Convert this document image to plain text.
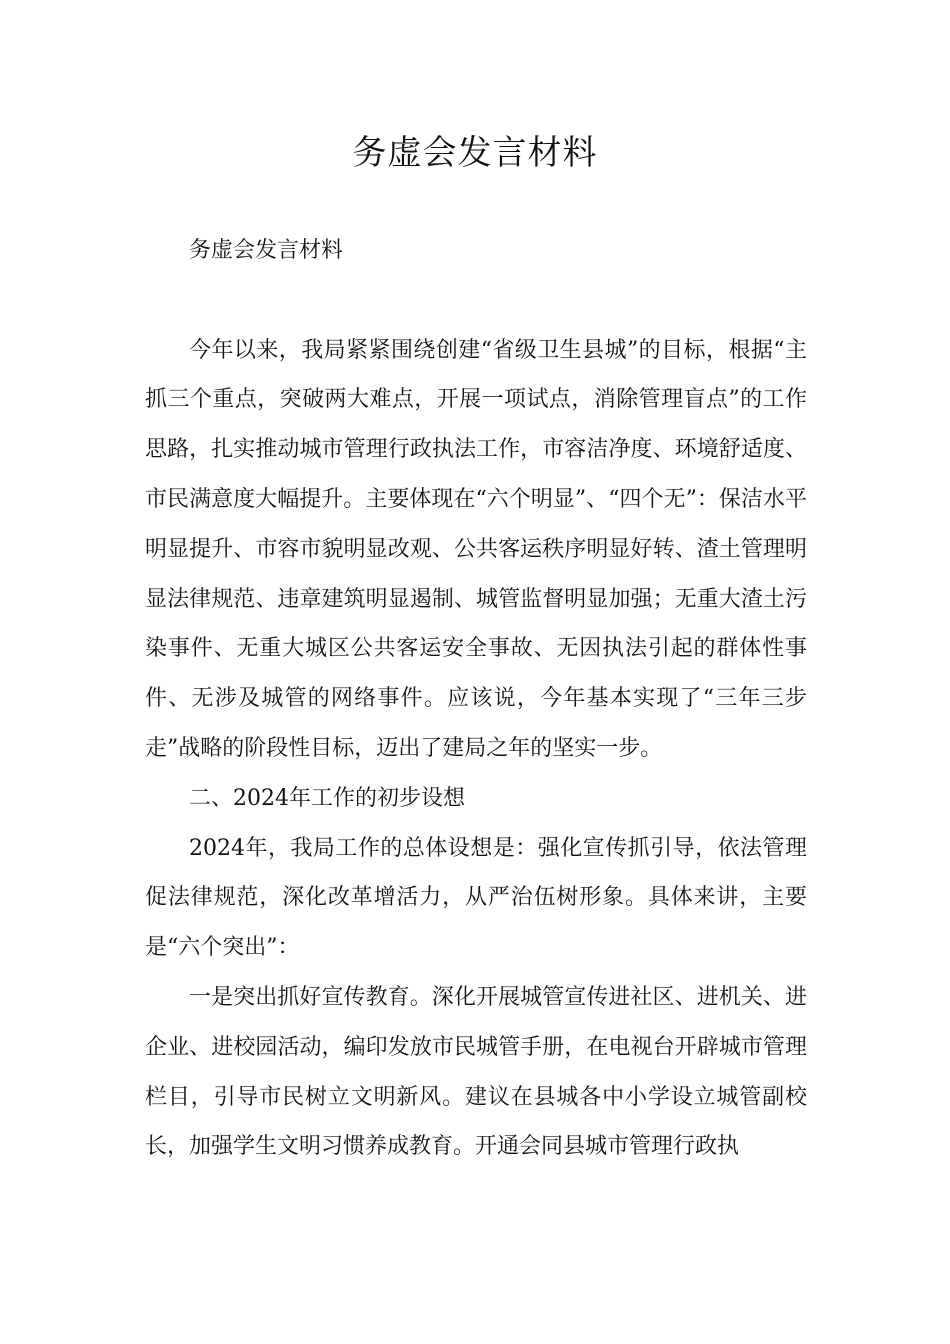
务虚会发言材料

务虚会发言材料

今年以来，我局紧紧围绕创建“省级卫生县城”的目标，根据“主抓三个重点，突破两大难点，开展一项试点，消除管理盲点”的工作思路，扎实推动城市管理行政执法工作，市容洁净度、环境舒适度、市民满意度大幅提升。主要体现在“六个明显”、“四个无”：保洁水平明显提升、市容市貌明显改观、公共客运秩序明显好转、渣土管理明显法律规范、违章建筑明显遏制、城管监督明显加强；无重大渣土污染事件、无重大城区公共客运安全事故、无因执法引起的群体性事件、无涉及城管的网络事件。应该说，今年基本实现了“三年三步走”战略的阶段性目标，迈出了建局之年的坚实一步。

二、2024年工作的初步设想

2024年，我局工作的总体设想是：强化宣传抓引导，依法管理促法律规范，深化改革增活力，从严治伍树形象。具体来讲，主要是“六个突出”：

一是突出抓好宣传教育。深化开展城管宣传进社区、进机关、进企业、进校园活动，编印发放市民城管手册，在电视台开辟城市管理栏目，引导市民树立文明新风。建议在县城各中小学设立城管副校长，加强学生文明习惯养成教育。开通会同县城市管理行政执
